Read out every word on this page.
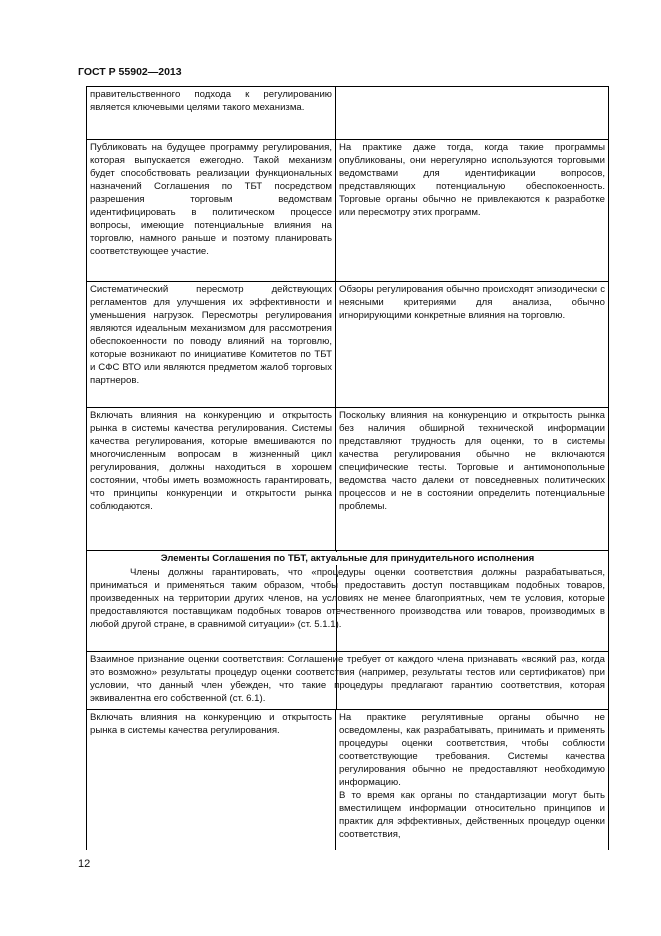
ГОСТ Р 55902—2013
правительственного подхода к регулированию является ключевыми целями такого механизма.
Публиковать на будущее программу регулирования, которая выпускается ежегодно. Такой механизм будет способствовать реализации функциональных назначений Соглашения по ТБТ посредством разрешения торговым ведомствам идентифицировать в политическом процессе вопросы, имеющие потенциальные влияния на торговлю, намного раньше и поэтому планировать соответствующее участие.
На практике даже тогда, когда такие программы опубликованы, они нерегулярно используются торговыми ведомствами для идентификации вопросов, представляющих потенциальную обеспокоенность. Торговые органы обычно не привлекаются к разработке или пересмотру этих программ.
Систематический пересмотр действующих регламентов для улучшения их эффективности и уменьшения нагрузок. Пересмотры регулирования являются идеальным механизмом для рассмотрения обеспокоенности по поводу влияний на торговлю, которые возникают по инициативе Комитетов по ТБТ и СФС ВТО или являются предметом жалоб торговых партнеров.
Обзоры регулирования обычно происходят эпизодически с неясными критериями для анализа, обычно игнорирующими конкретные влияния на торговлю.
Включать влияния на конкуренцию и открытость рынка в системы качества регулирования. Системы качества регулирования, которые вмешиваются по многочисленным вопросам в жизненный цикл регулирования, должны находиться в хорошем состоянии, чтобы иметь возможность гарантировать, что принципы конкуренции и открытости рынка соблюдаются.
Поскольку влияния на конкуренцию и открытость рынка без наличия обширной технической информации представляют трудность для оценки, то в системы качества регулирования обычно не включаются специфические тесты. Торговые и антимонопольные ведомства часто далеки от повседневных политических процессов и не в состоянии определить потенциальные проблемы.
Элементы Соглашения по ТБТ, актуальные для принудительного исполнения
Члены должны гарантировать, что «процедуры оценки соответствия должны разрабатываться, приниматься и применяться таким образом, чтобы предоставить доступ поставщикам подобных товаров, произведенных на территории других членов, на условиях не менее благоприятных, чем те условия, которые предоставляются поставщикам подобных товаров отечественного производства или товаров, производимых в любой другой стране, в сравнимой ситуации» (ст. 5.1.1).
Взаимное признание оценки соответствия: Соглашение требует от каждого члена признавать «всякий раз, когда это возможно» результаты процедур оценки соответствия (например, результаты тестов или сертификатов) при условии, что данный член убежден, что такие процедуры предлагают гарантию соответствия, которая эквивалентна его собственной (ст. 6.1).
Включать влияния на конкуренцию и открытость рынка в системы качества регулирования.
На практике регулятивные органы обычно не осведомлены, как разрабатывать, принимать и применять процедуры оценки соответствия, чтобы соблюсти соответствующие требования. Системы качества регулирования обычно не предоставляют необходимую информацию.
В то время как органы по стандартизации могут быть вместилищем информации относительно принципов и практик для эффективных, действенных процедур оценки соответствия,
12
